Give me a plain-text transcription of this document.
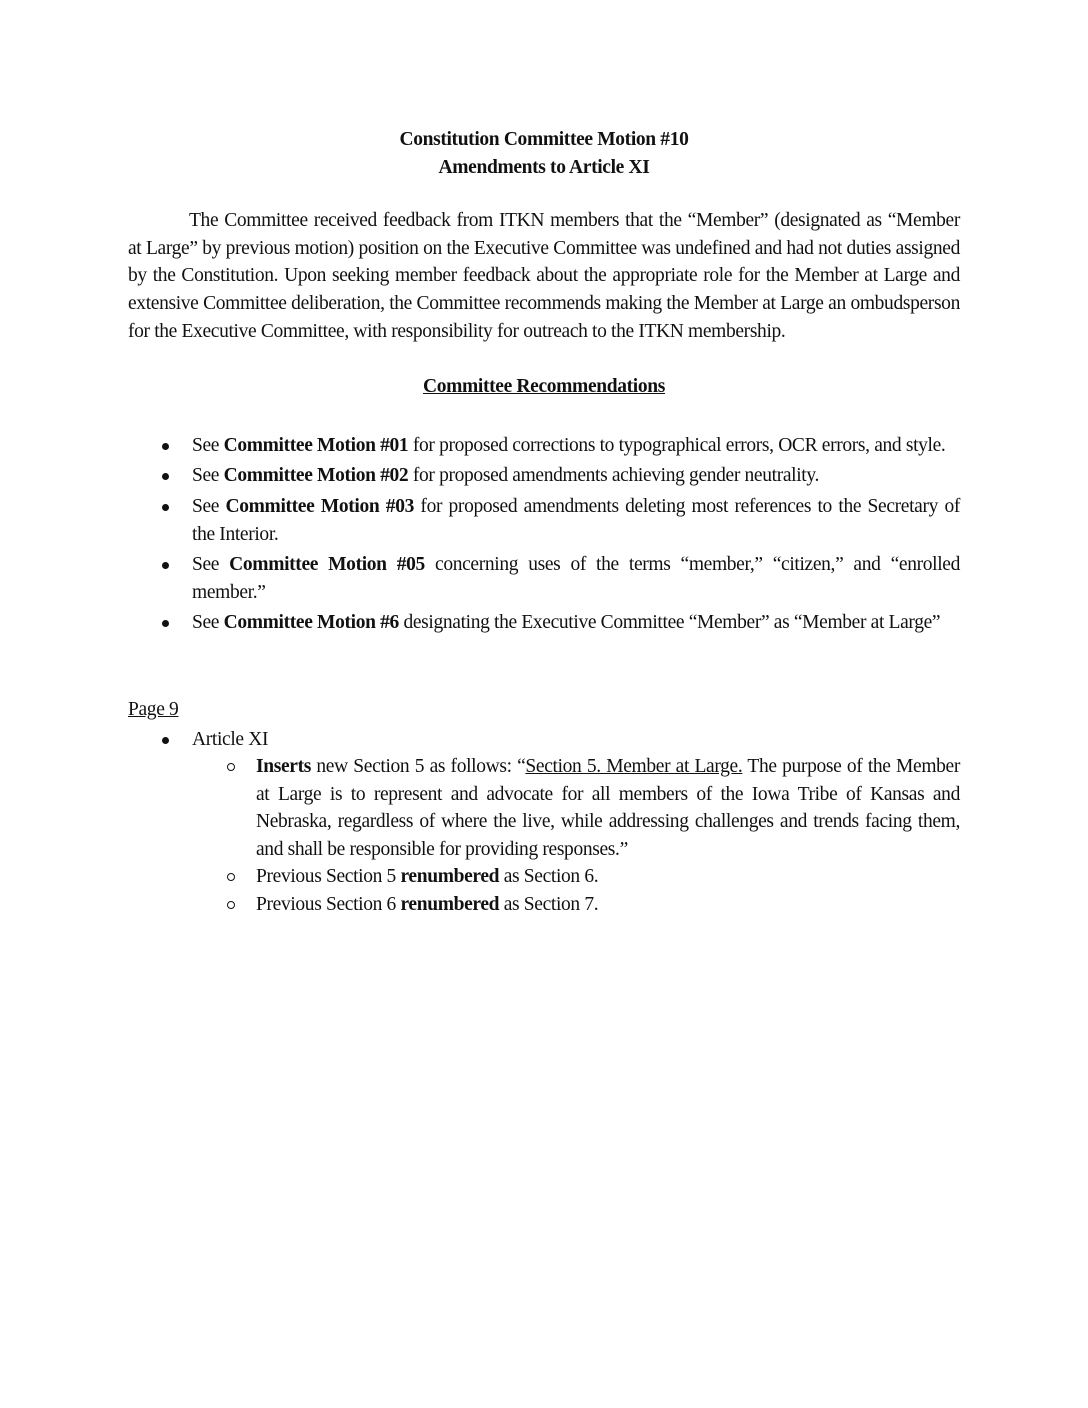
Constitution Committee Motion #10
Amendments to Article XI

The Committee received feedback from ITKN members that the “Member” (designated as “Member at Large” by previous motion) position on the Executive Committee was undefined and had not duties assigned by the Constitution. Upon seeking member feedback about the appropriate role for the Member at Large and extensive Committee deliberation, the Committee recommends making the Member at Large an ombudsperson for the Executive Committee, with responsibility for outreach to the ITKN membership.

Committee Recommendations

See Committee Motion #01 for proposed corrections to typographical errors, OCR errors, and style.
See Committee Motion #02 for proposed amendments achieving gender neutrality.
See Committee Motion #03 for proposed amendments deleting most references to the Secretary of the Interior.
See Committee Motion #05 concerning uses of the terms “member,” “citizen,” and “enrolled member.”
See Committee Motion #6 designating the Executive Committee “Member” as “Member at Large”

Page 9

Article XI
Inserts new Section 5 as follows: “Section 5. Member at Large. The purpose of the Member at Large is to represent and advocate for all members of the Iowa Tribe of Kansas and Nebraska, regardless of where the live, while addressing challenges and trends facing them, and shall be responsible for providing responses.”
Previous Section 5 renumbered as Section 6.
Previous Section 6 renumbered as Section 7.
